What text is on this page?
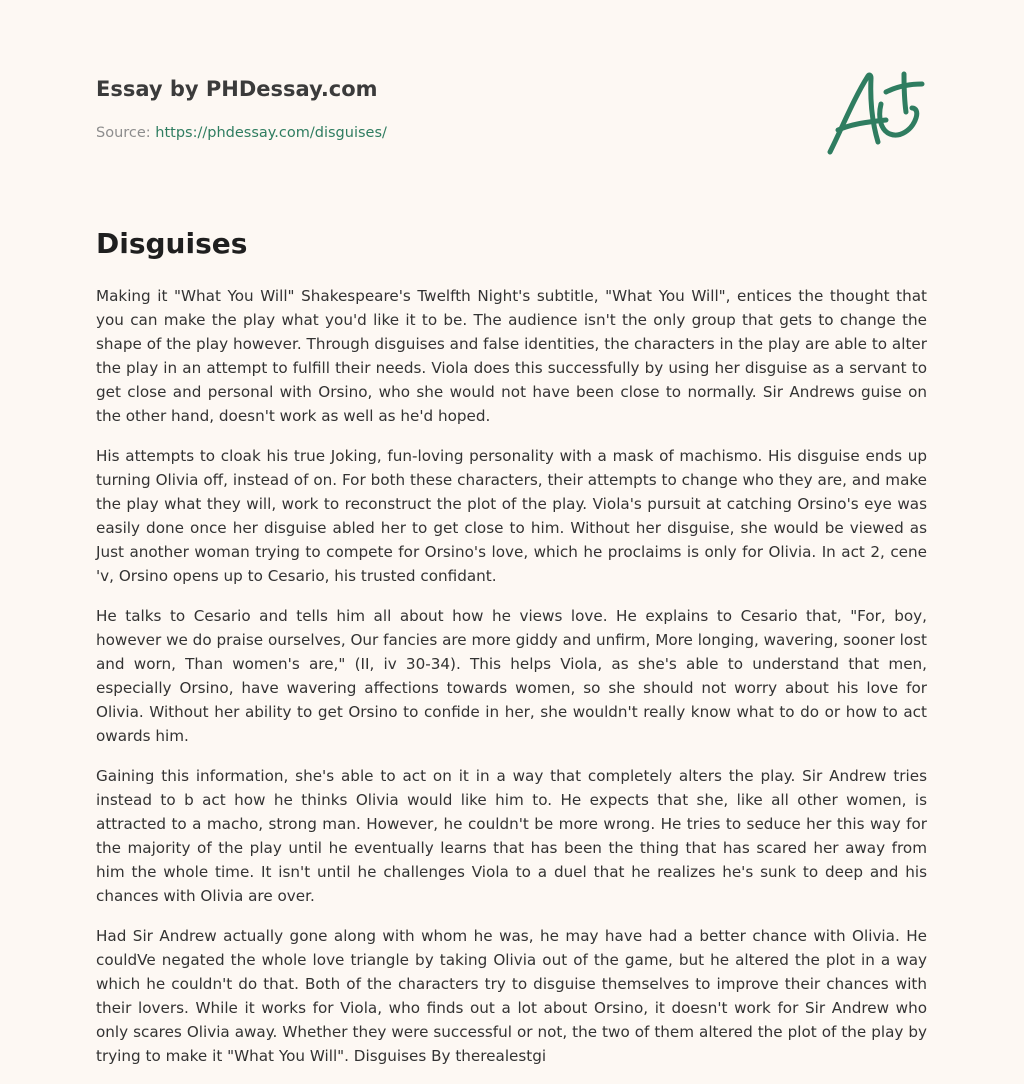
Essay by PHDessay.com
Source: https://phdessay.com/disguises/
Disguises

Making it "What You Will" Shakespeare's Twelfth Night's subtitle, "What You Will", entices the thought that you can make the play what you'd like it to be. The audience isn't the only group that gets to change the shape of the play however. Through disguises and false identities, the characters in the play are able to alter the play in an attempt to fulfill their needs. Viola does this successfully by using her disguise as a servant to get close and personal with Orsino, who she would not have been close to normally. Sir Andrews guise on the other hand, doesn't work as well as he'd hoped.

His attempts to cloak his true Joking, fun-loving personality with a mask of machismo. His disguise ends up turning Olivia off, instead of on. For both these characters, their attempts to change who they are, and make the play what they will, work to reconstruct the plot of the play. Viola's pursuit at catching Orsino's eye was easily done once her disguise abled her to get close to him. Without her disguise, she would be viewed as Just another woman trying to compete for Orsino's love, which he proclaims is only for Olivia. In act 2, cene 'v, Orsino opens up to Cesario, his trusted confidant.

He talks to Cesario and tells him all about how he views love. He explains to Cesario that, "For, boy, however we do praise ourselves, Our fancies are more giddy and unfirm, More longing, wavering, sooner lost and worn, Than women's are," (II, iv 30-34). This helps Viola, as she's able to understand that men, especially Orsino, have wavering affections towards women, so she should not worry about his love for Olivia. Without her ability to get Orsino to confide in her, she wouldn't really know what to do or how to act owards him.

Gaining this information, she's able to act on it in a way that completely alters the play. Sir Andrew tries instead to b act how he thinks Olivia would like him to. He expects that she, like all other women, is attracted to a macho, strong man. However, he couldn't be more wrong. He tries to seduce her this way for the majority of the play until he eventually learns that has been the thing that has scared her away from him the whole time. It isn't until he challenges Viola to a duel that he realizes he's sunk to deep and his chances with Olivia are over.

Had Sir Andrew actually gone along with whom he was, he may have had a better chance with Olivia. He couldVe negated the whole love triangle by taking Olivia out of the game, but he altered the plot in a way which he couldn't do that. Both of the characters try to disguise themselves to improve their chances with their lovers. While it works for Viola, who finds out a lot about Orsino, it doesn't work for Sir Andrew who only scares Olivia away. Whether they were successful or not, the two of them altered the plot of the play by trying to make it "What You Will". Disguises By therealestgi
